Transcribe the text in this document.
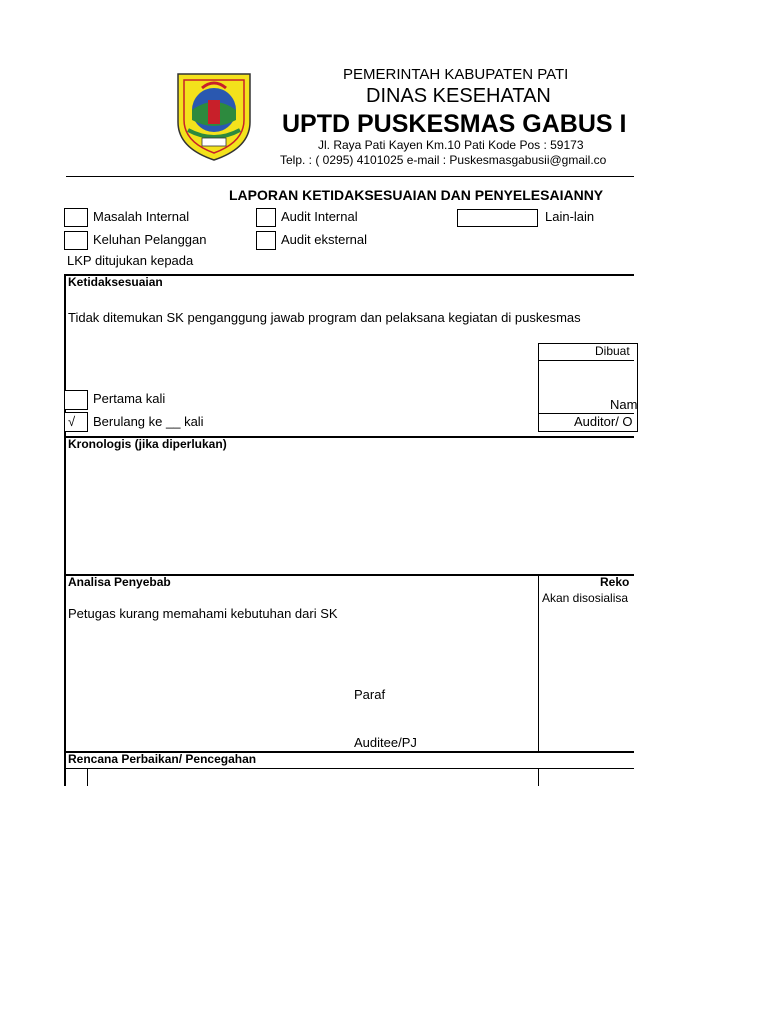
PEMERINTAH KABUPATEN PATI
DINAS KESEHATAN
UPTD PUSKESMAS GABUS I
Jl. Raya Pati Kayen Km.10 Pati Kode Pos : 59173
Telp. : ( 0295) 4101025 e-mail : Puskesmasgabusii@gmail.co
LAPORAN KETIDAKSESUAIAN DAN PENYELESAIANNY
Masalah Internal	Audit Internal	Lain-lain
Keluhan Pelanggan	Audit eksternal
LKP ditujukan kepada
Ketidaksesuaian
Tidak ditemukan SK penganggung jawab program dan pelaksana kegiatan di puskesmas
Dibuat
Nam
Auditor/ O
Pertama kali
√ Berulang ke __ kali
Kronologis (jika diperlukan)
Analisa Penyebab	Reko
Akan disosialisa
Petugas kurang memahami kebutuhan dari SK
Paraf
Auditee/PJ
Rencana Perbaikan/ Pencegahan
